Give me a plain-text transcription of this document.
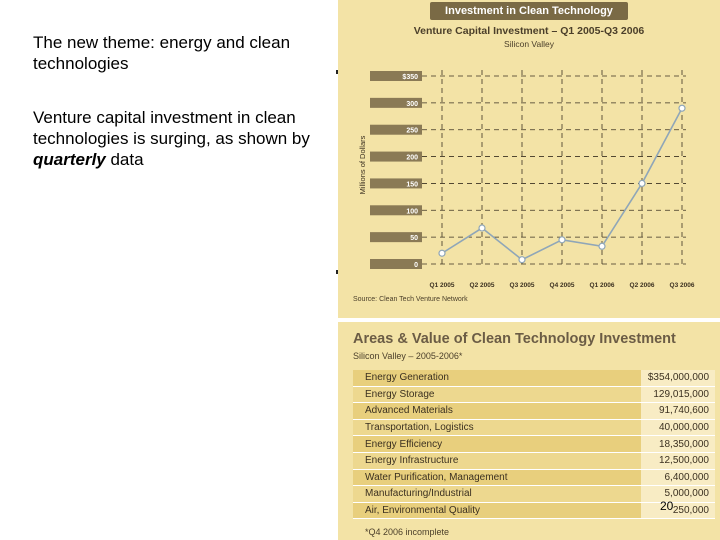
The new theme: energy and clean technologies

Venture capital investment in clean technologies is surging, as shown by quarterly data

Investment in Clean Technology
Venture Capital Investment – Q1 2005-Q3 2006
Silicon Valley
0
50
100
150
200
250
300
$350
Q1 2005 Q2 2005 Q3 2005 Q4 2005 Q1 2006 Q2 2006 Q3 2006
Millions of Dollars
Source: Clean Tech Venture Network
Areas & Value of Clean Technology Investment
Silicon Valley – 2005-2006*
Energy Generation	$354,000,000
Energy Storage	129,015,000
Advanced Materials	91,740,600
Transportation, Logistics	40,000,000
Energy Efficiency	18,350,000
Energy Infrastructure	12,500,000
Water Purification, Management	6,400,000
Manufacturing/Industrial	5,000,000
Air, Environmental Quality	250,000
*Q4 2006 incomplete
20
